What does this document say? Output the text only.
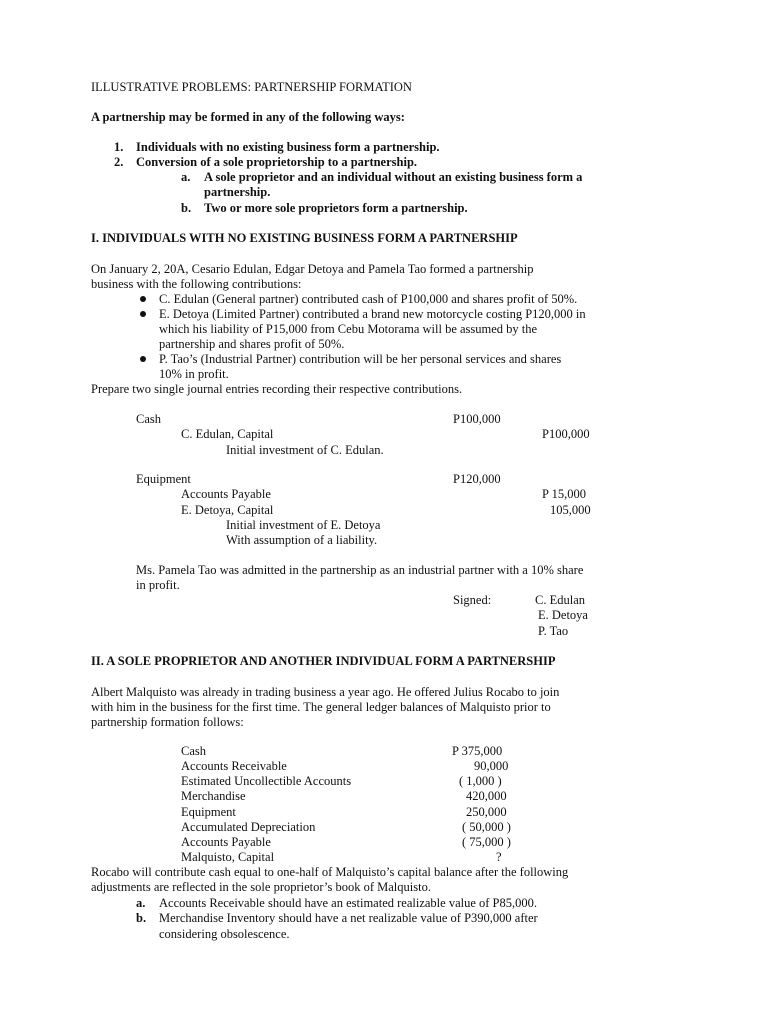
ILLUSTRATIVE PROBLEMS: PARTNERSHIP FORMATION
A partnership may be formed in any of the following ways:
1. Individuals with no existing business form a partnership.
2. Conversion of a sole proprietorship to a partnership.
a. A sole proprietor and an individual without an existing business form a
partnership.
b. Two or more sole proprietors form a partnership.
I. INDIVIDUALS WITH NO EXISTING BUSINESS FORM A PARTNERSHIP
On January 2, 20A, Cesario Edulan, Edgar Detoya and Pamela Tao formed a partnership
business with the following contributions:
C. Edulan (General partner) contributed cash of P100,000 and shares profit of 50%.
E. Detoya (Limited Partner) contributed a brand new motorcycle costing P120,000 in
which his liability of P15,000 from Cebu Motorama will be assumed by the
partnership and shares profit of 50%.
P. Tao’s (Industrial Partner) contribution will be her personal services and shares
10% in profit.
Prepare two single journal entries recording their respective contributions.
Cash	P100,000
C. Edulan, Capital	P100,000
Initial investment of C. Edulan.
Equipment	P120,000
Accounts Payable	P 15,000
E. Detoya, Capital	105,000
Initial investment of E. Detoya
With assumption of a liability.
Ms. Pamela Tao was admitted in the partnership as an industrial partner with a 10% share
in profit.
Signed:	C. Edulan
E. Detoya
P. Tao
II. A SOLE PROPRIETOR AND ANOTHER INDIVIDUAL FORM A PARTNERSHIP
Albert Malquisto was already in trading business a year ago. He offered Julius Rocabo to join
with him in the business for the first time. The general ledger balances of Malquisto prior to
partnership formation follows:
Cash	P 375,000
Accounts Receivable	90,000
Estimated Uncollectible Accounts	( 1,000 )
Merchandise	420,000
Equipment	250,000
Accumulated Depreciation	( 50,000 )
Accounts Payable	( 75,000 )
Malquisto, Capital	?
Rocabo will contribute cash equal to one-half of Malquisto’s capital balance after the following
adjustments are reflected in the sole proprietor’s book of Malquisto.
a. Accounts Receivable should have an estimated realizable value of P85,000.
b. Merchandise Inventory should have a net realizable value of P390,000 after
considering obsolescence.
